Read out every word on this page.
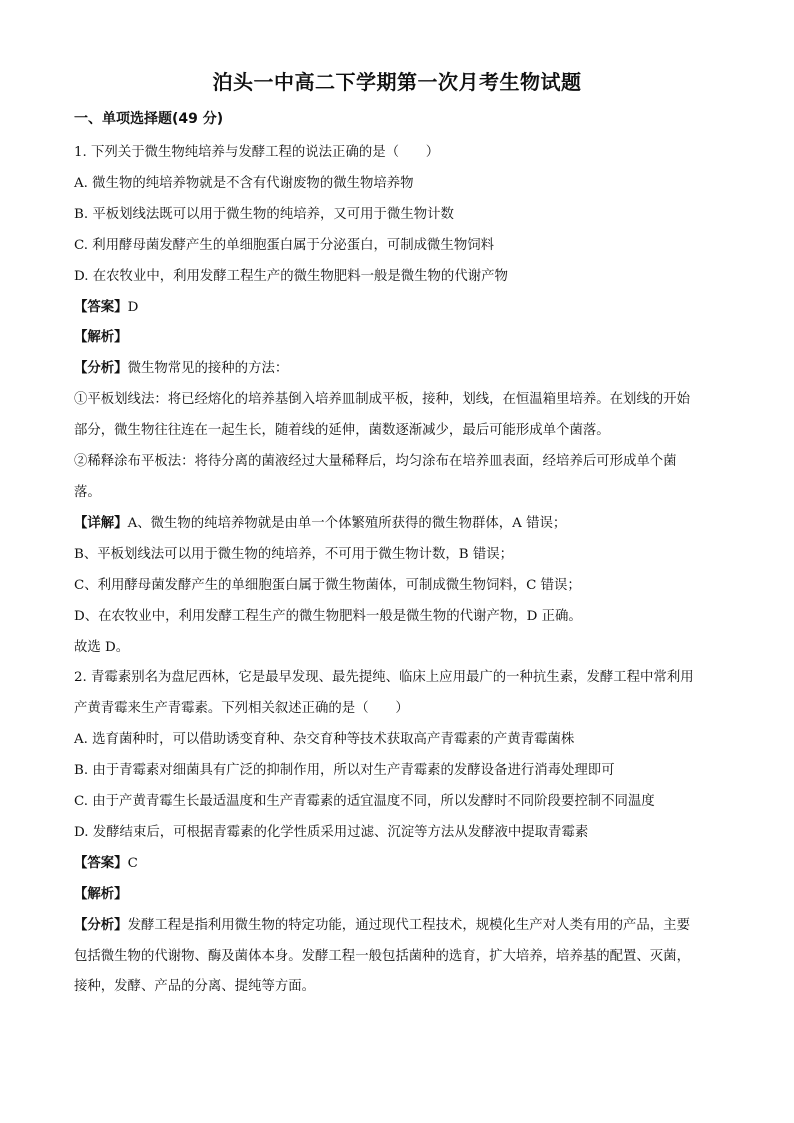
泊头一中高二下学期第一次月考生物试题
一、单项选择题(49 分)

1. 下列关于微生物纯培养与发酵工程的说法正确的是（　　）

A. 微生物的纯培养物就是不含有代谢废物的微生物培养物

B. 平板划线法既可以用于微生物的纯培养，又可用于微生物计数

C. 利用酵母菌发酵产生的单细胞蛋白属于分泌蛋白，可制成微生物饲料

D. 在农牧业中，利用发酵工程生产的微生物肥料一般是微生物的代谢产物

【答案】D

【解析】

【分析】微生物常见的接种的方法：

①平板划线法：将已经熔化的培养基倒入培养皿制成平板，接种，划线，在恒温箱里培养。在划线的开始

部分，微生物往往连在一起生长，随着线的延伸，菌数逐渐减少，最后可能形成单个菌落。

②稀释涂布平板法：将待分离的菌液经过大量稀释后，均匀涂布在培养皿表面，经培养后可形成单个菌

落。

【详解】A、微生物的纯培养物就是由单一个体繁殖所获得的微生物群体，A 错误；

B、平板划线法可以用于微生物的纯培养，不可用于微生物计数，B 错误；

C、利用酵母菌发酵产生的单细胞蛋白属于微生物菌体，可制成微生物饲料，C 错误；

D、在农牧业中，利用发酵工程生产的微生物肥料一般是微生物的代谢产物，D 正确。

故选 D。

2. 青霉素别名为盘尼西林，它是最早发现、最先提纯、临床上应用最广的一种抗生素，发酵工程中常利用

产黄青霉来生产青霉素。下列相关叙述正确的是（　　）

A. 选育菌种时，可以借助诱变育种、杂交育种等技术获取高产青霉素的产黄青霉菌株

B. 由于青霉素对细菌具有广泛的抑制作用，所以对生产青霉素的发酵设备进行消毒处理即可

C. 由于产黄青霉生长最适温度和生产青霉素的适宜温度不同，所以发酵时不同阶段要控制不同温度

D. 发酵结束后，可根据青霉素的化学性质采用过滤、沉淀等方法从发酵液中提取青霉素

【答案】C

【解析】

【分析】发酵工程是指利用微生物的特定功能，通过现代工程技术，规模化生产对人类有用的产品，主要

包括微生物的代谢物、酶及菌体本身。发酵工程一般包括菌种的选育，扩大培养，培养基的配置、灭菌，

接种，发酵、产品的分离、提纯等方面。
